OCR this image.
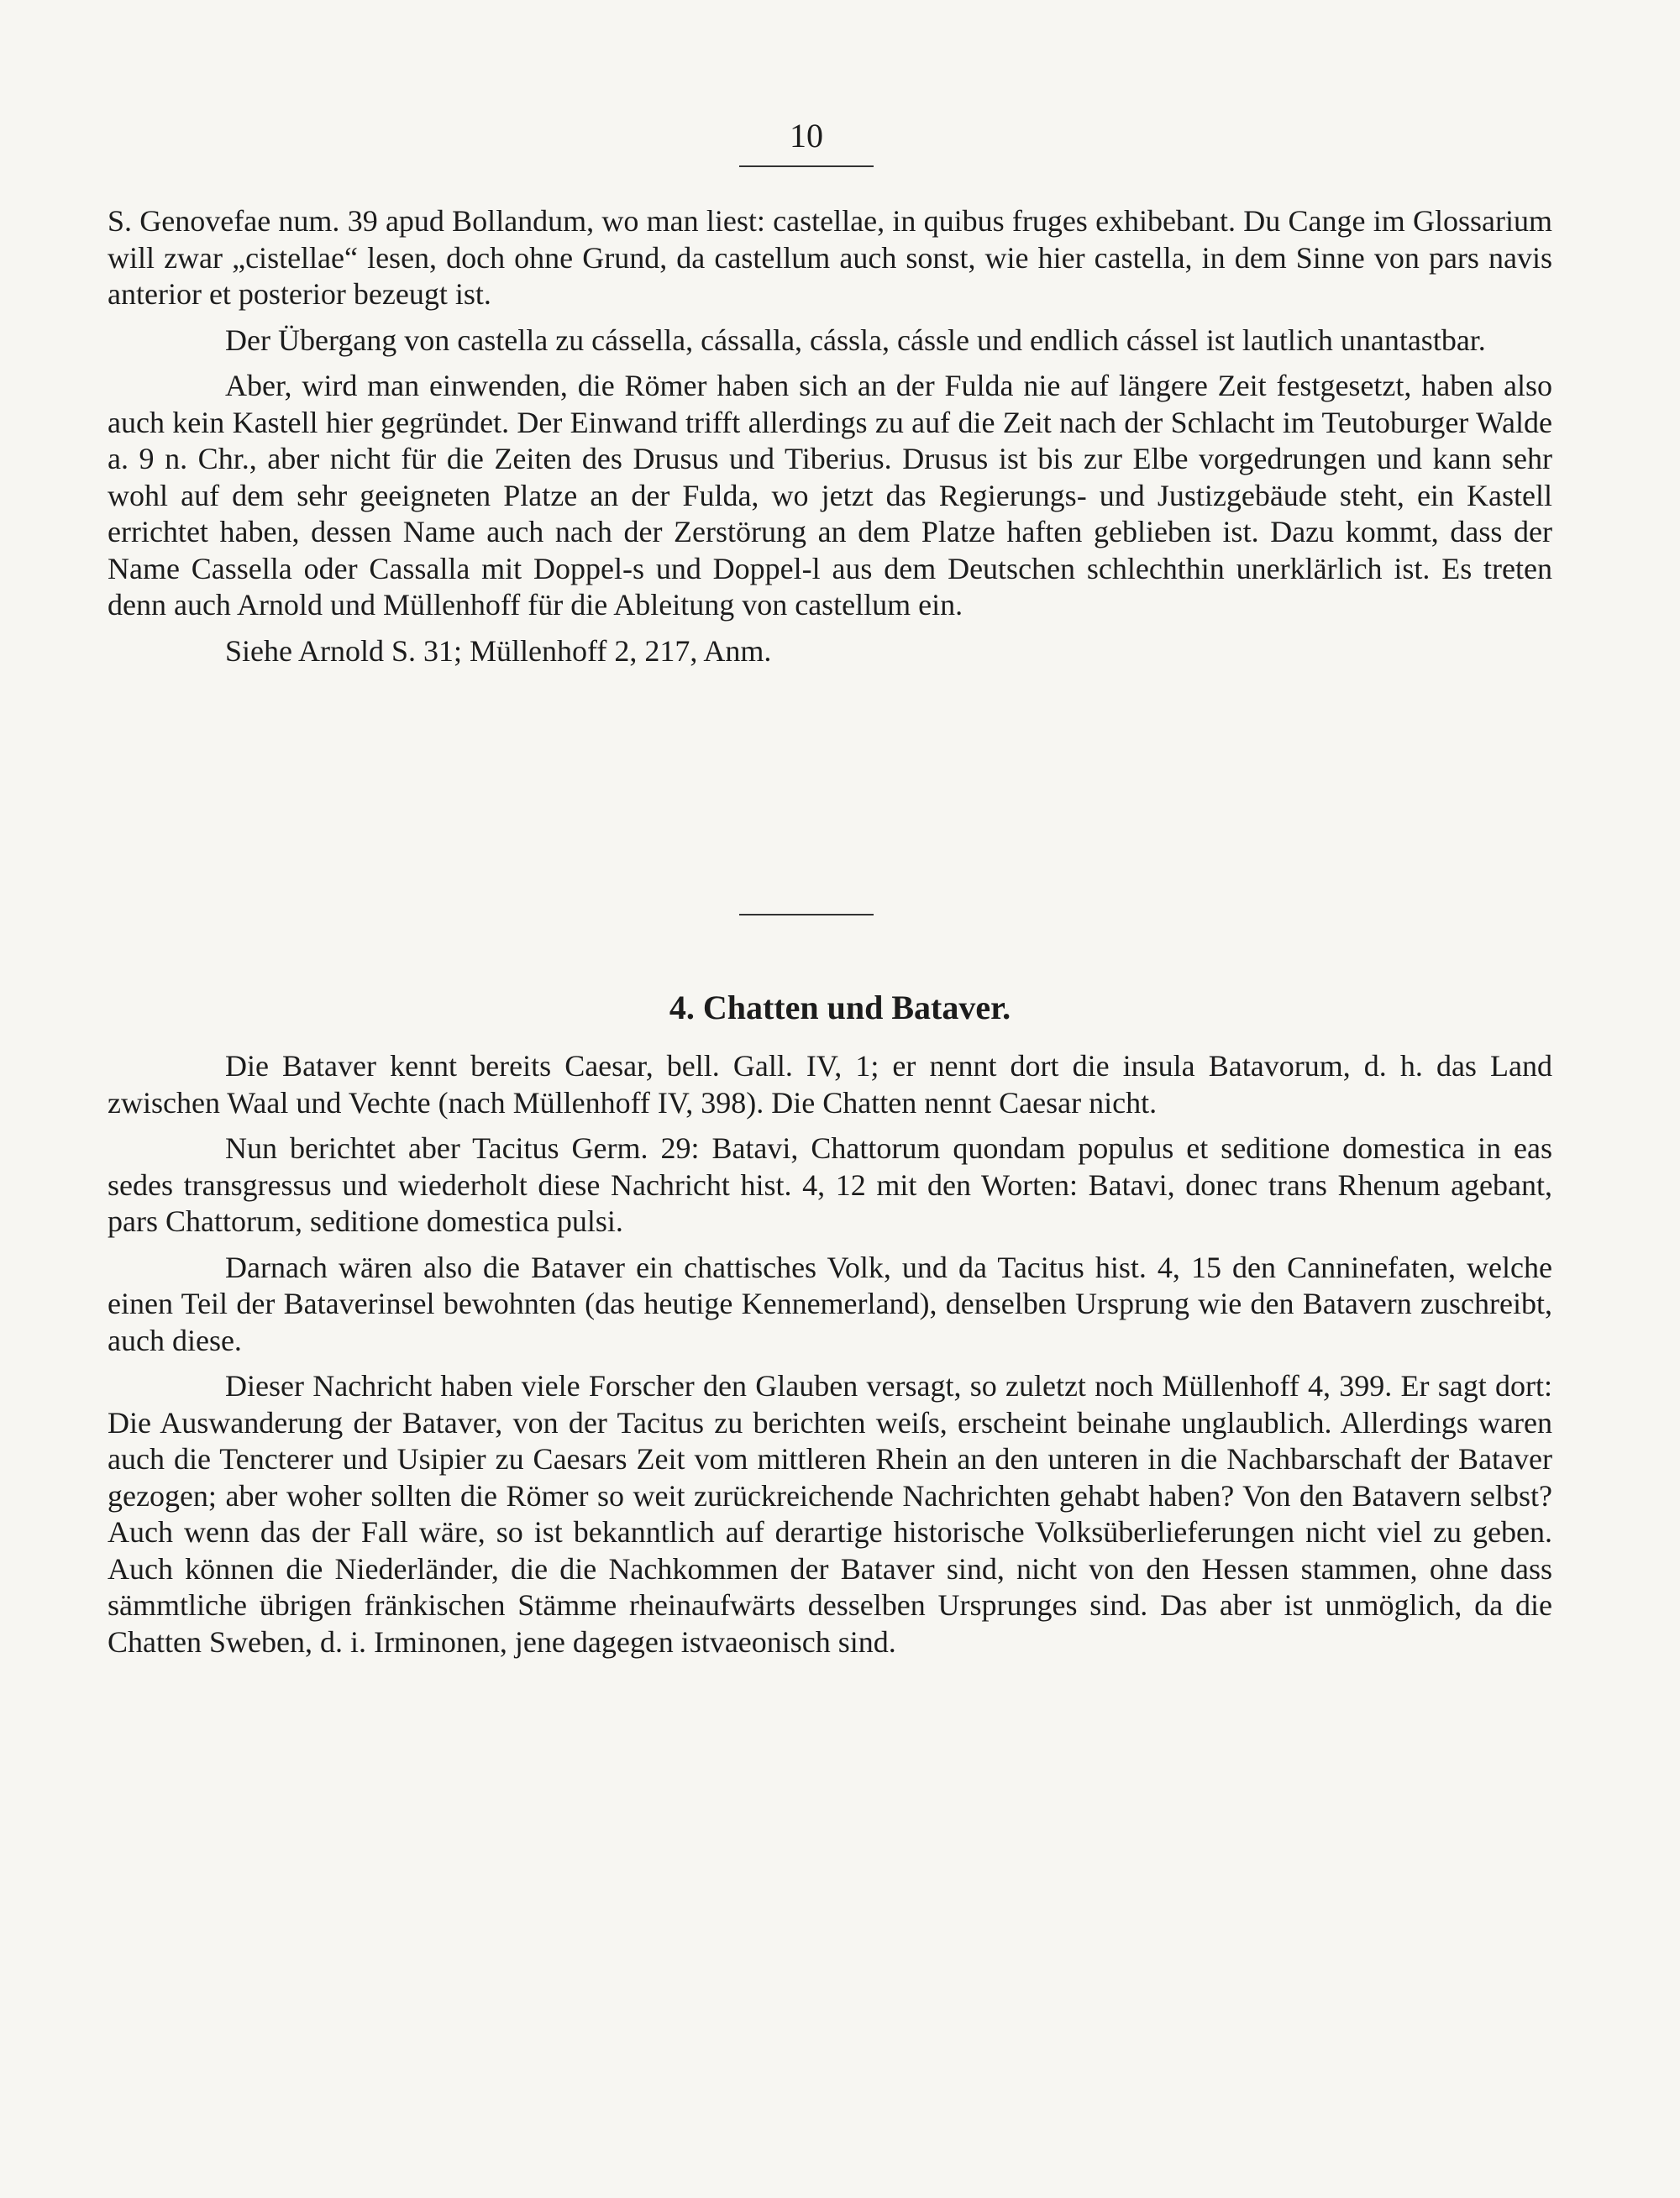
10

S. Genovefae num. 39 apud Bollandum, wo man liest: castellae, in quibus fruges exhibebant. Du Cange im Glossarium will zwar „cistellae“ lesen, doch ohne Grund, da castellum auch sonst, wie hier castella, in dem Sinne von pars navis anterior et posterior bezeugt ist.

Der Übergang von castella zu cássella, cássalla, cássla, cássle und endlich cássel ist lautlich unantastbar.

Aber, wird man einwenden, die Römer haben sich an der Fulda nie auf längere Zeit festgesetzt, haben also auch kein Kastell hier gegründet. Der Einwand trifft allerdings zu auf die Zeit nach der Schlacht im Teutoburger Walde a. 9 n. Chr., aber nicht für die Zeiten des Drusus und Tiberius. Drusus ist bis zur Elbe vorgedrungen und kann sehr wohl auf dem sehr geeigneten Platze an der Fulda, wo jetzt das Regierungs- und Justizgebäude steht, ein Kastell errichtet haben, dessen Name auch nach der Zerstörung an dem Platze haften geblieben ist. Dazu kommt, dass der Name Cassella oder Cassalla mit Doppel-s und Doppel-l aus dem Deutschen schlechthin unerklärlich ist. Es treten denn auch Arnold und Müllenhoff für die Ableitung von castellum ein.

Siehe Arnold S. 31; Müllenhoff 2, 217, Anm.

4. Chatten und Bataver.

Die Bataver kennt bereits Caesar, bell. Gall. IV, 1; er nennt dort die insula Batavorum, d. h. das Land zwischen Waal und Vechte (nach Müllenhoff IV, 398). Die Chatten nennt Caesar nicht.

Nun berichtet aber Tacitus Germ. 29: Batavi, Chattorum quondam populus et seditione domestica in eas sedes transgressus und wiederholt diese Nachricht hist. 4, 12 mit den Worten: Batavi, donec trans Rhenum agebant, pars Chattorum, seditione domestica pulsi.

Darnach wären also die Bataver ein chattisches Volk, und da Tacitus hist. 4, 15 den Canninefaten, welche einen Teil der Bataverinsel bewohnten (das heutige Kennemerland), denselben Ursprung wie den Batavern zuschreibt, auch diese.

Dieser Nachricht haben viele Forscher den Glauben versagt, so zuletzt noch Müllenhoff 4, 399. Er sagt dort: Die Auswanderung der Bataver, von der Tacitus zu berichten weiſs, erscheint beinahe unglaublich. Allerdings waren auch die Tencterer und Usipier zu Caesars Zeit vom mittleren Rhein an den unteren in die Nachbarschaft der Bataver gezogen; aber woher sollten die Römer so weit zurückreichende Nachrichten gehabt haben? Von den Batavern selbst? Auch wenn das der Fall wäre, so ist bekanntlich auf derartige historische Volksüberlieferungen nicht viel zu geben. Auch können die Niederländer, die die Nachkommen der Bataver sind, nicht von den Hessen stammen, ohne dass sämmtliche übrigen fränkischen Stämme rheinaufwärts desselben Ursprunges sind. Das aber ist unmöglich, da die Chatten Sweben, d. i. Irminonen, jene dagegen istvaeonisch sind.
